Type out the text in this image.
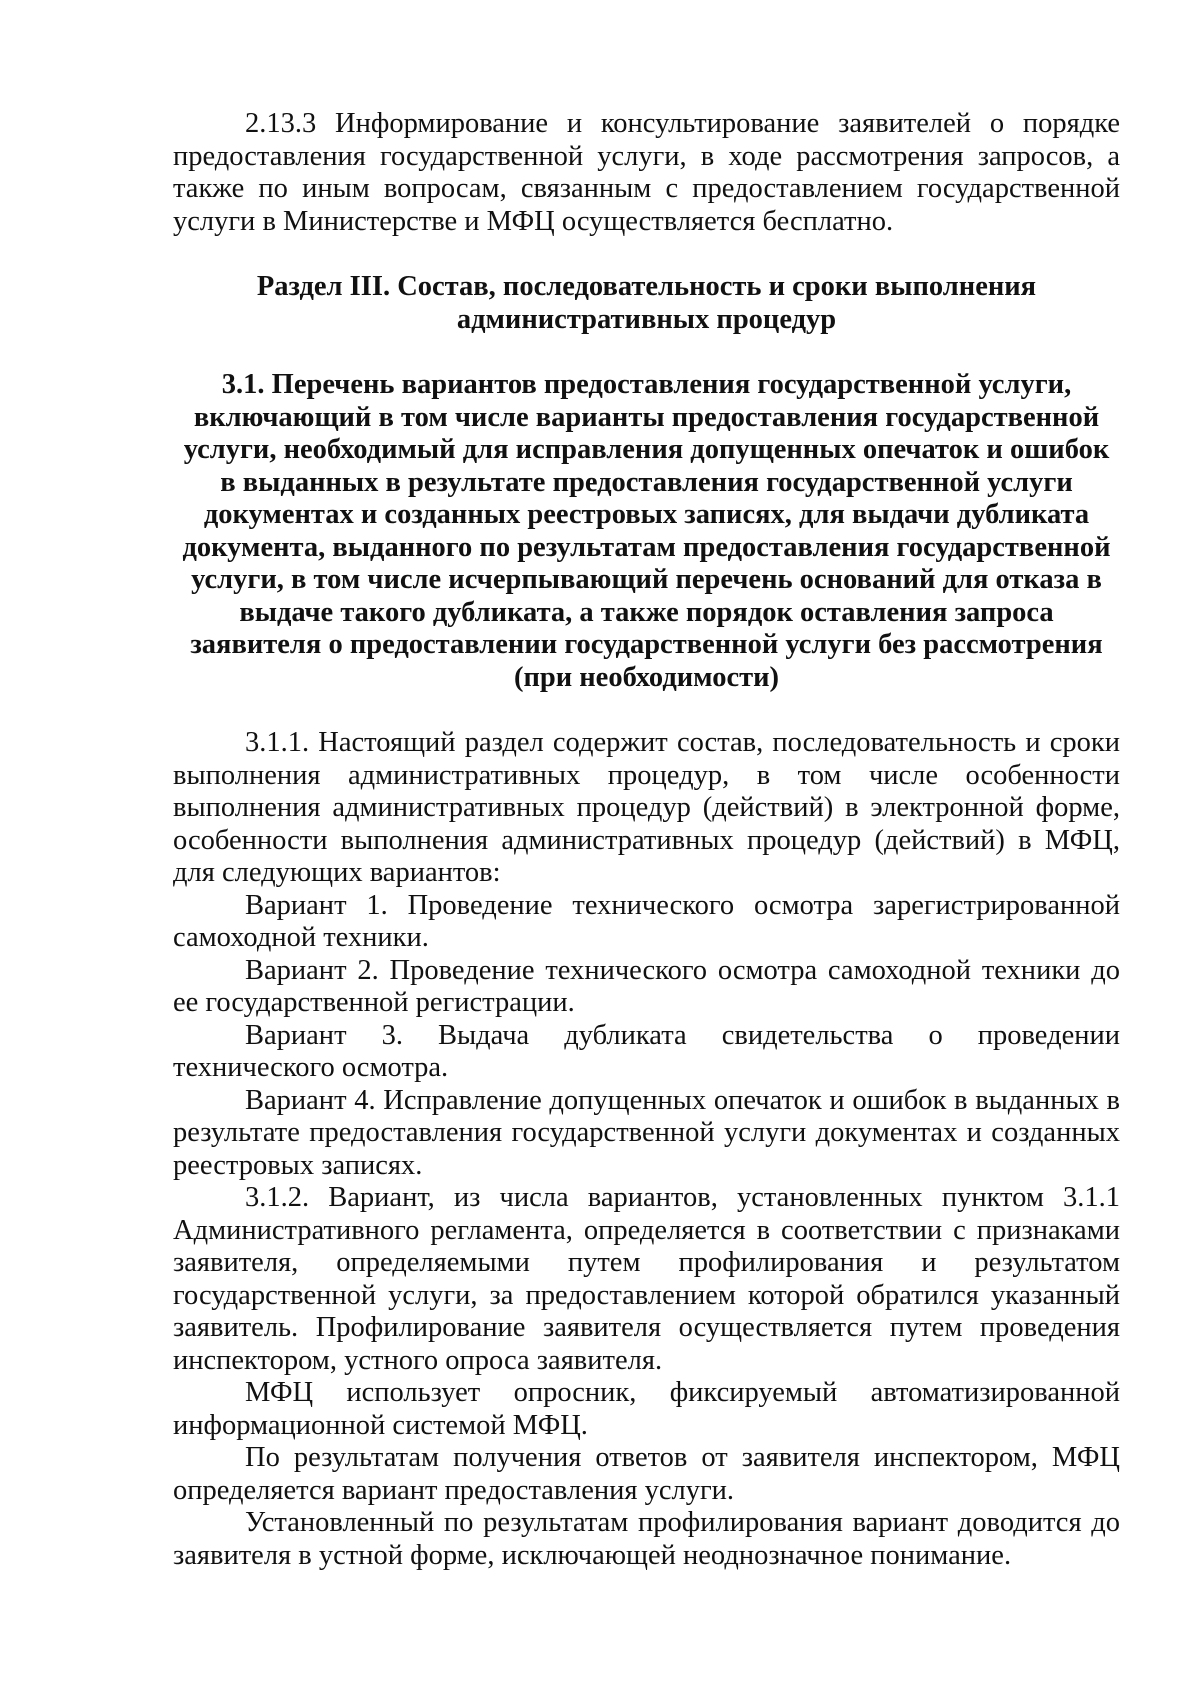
2.13.3 Информирование и консультирование заявителей о порядке предоставления государственной услуги, в ходе рассмотрения запросов, а также по иным вопросам, связанным с предоставлением государственной услуги в Министерстве и МФЦ осуществляется бесплатно.

Раздел III. Состав, последовательность и сроки выполнения административных процедур

3.1. Перечень вариантов предоставления государственной услуги, включающий в том числе варианты предоставления государственной услуги, необходимый для исправления допущенных опечаток и ошибок в выданных в результате предоставления государственной услуги документах и созданных реестровых записях, для выдачи дубликата документа, выданного по результатам предоставления государственной услуги, в том числе исчерпывающий перечень оснований для отказа в выдаче такого дубликата, а также порядок оставления запроса заявителя о предоставлении государственной услуги без рассмотрения (при необходимости)

3.1.1. Настоящий раздел содержит состав, последовательность и сроки выполнения административных процедур, в том числе особенности выполнения административных процедур (действий) в электронной форме, особенности выполнения административных процедур (действий) в МФЦ, для следующих вариантов:

Вариант 1. Проведение технического осмотра зарегистрированной самоходной техники.

Вариант 2. Проведение технического осмотра самоходной техники до ее государственной регистрации.

Вариант 3. Выдача дубликата свидетельства о проведении технического осмотра.

Вариант 4. Исправление допущенных опечаток и ошибок в выданных в результате предоставления государственной услуги документах и созданных реестровых записях.

3.1.2. Вариант, из числа вариантов, установленных пунктом 3.1.1 Административного регламента, определяется в соответствии с признаками заявителя, определяемыми путем профилирования и результатом государственной услуги, за предоставлением которой обратился указанный заявитель. Профилирование заявителя осуществляется путем проведения инспектором, устного опроса заявителя.

МФЦ использует опросник, фиксируемый автоматизированной информационной системой МФЦ.

По результатам получения ответов от заявителя инспектором, МФЦ определяется вариант предоставления услуги.

Установленный по результатам профилирования вариант доводится до заявителя в устной форме, исключающей неоднозначное понимание.
